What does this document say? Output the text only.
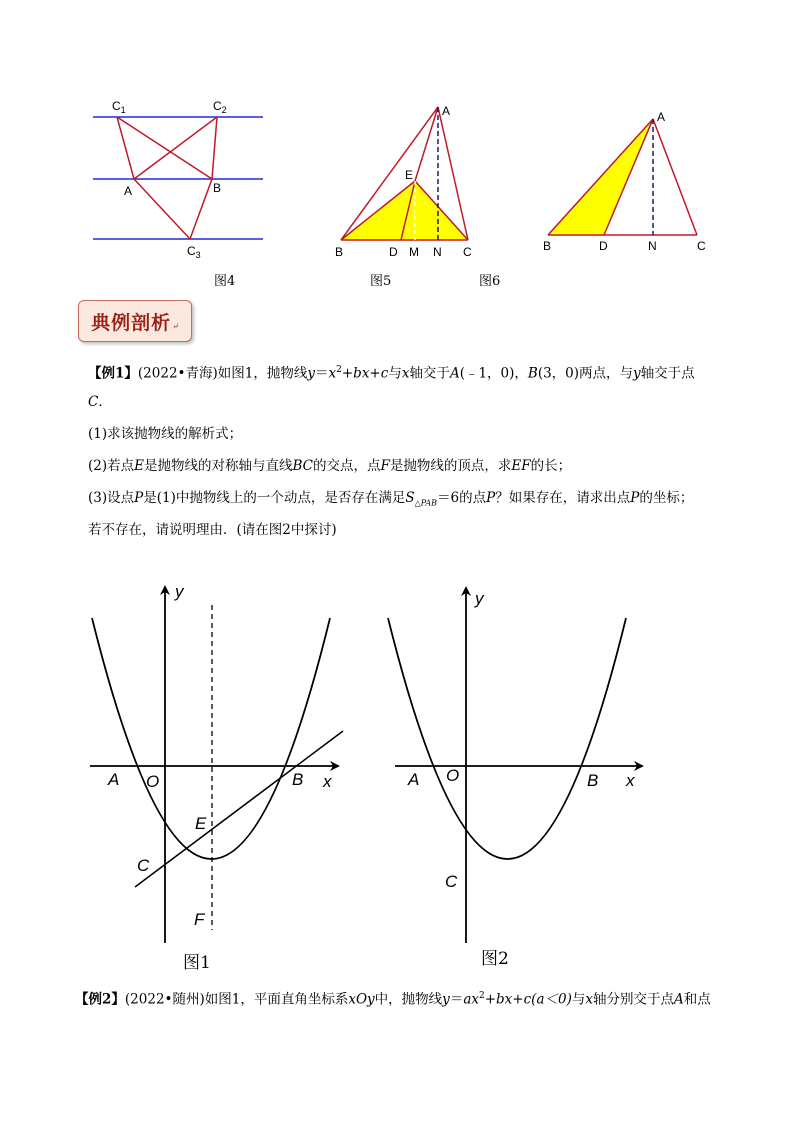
$C_1$	$C_2$
A	B
$C_3$
图4
A
E
B	D M N C
图5
A
B	D	N	C
图6
典例剖析 ↵
【例1】(2022•青海)如图1，抛物线$y=x^2+bx+c$与x轴交于A(﹣1，0)，B(3，0)两点，与y轴交于点
C．
(1)求该抛物线的解析式；
(2)若点E是抛物线的对称轴与直线BC的交点，点F是抛物线的顶点，求EF的长；
(3)设点P是(1)中抛物线上的一个动点，是否存在满足$S_{\triangle PAB}=6$的点P？如果存在，请求出点P的坐标；
若不存在，请说明理由．(请在图2中探讨)
y
x
O
A	B
C
E
F
图1
y
x
O
A	B
C
图2
【例2】(2022•随州)如图1，平面直角坐标系xOy中，抛物线$y=ax^2+bx+c(a<0)$与x轴分别交于点A和点
